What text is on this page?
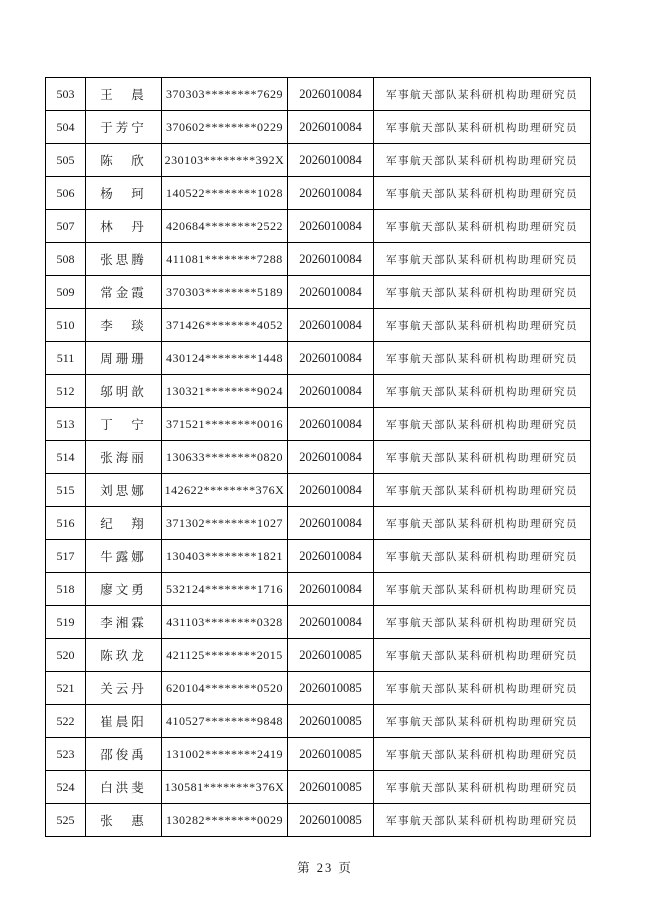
503	王　晨	370303********7629	2026010084	军事航天部队某科研机构助理研究员
504	于芳宁	370602********0229	2026010084	军事航天部队某科研机构助理研究员
505	陈　欣	230103********392X	2026010084	军事航天部队某科研机构助理研究员
506	杨　珂	140522********1028	2026010084	军事航天部队某科研机构助理研究员
507	林　丹	420684********2522	2026010084	军事航天部队某科研机构助理研究员
508	张思腾	411081********7288	2026010084	军事航天部队某科研机构助理研究员
509	常金霞	370303********5189	2026010084	军事航天部队某科研机构助理研究员
510	李　琰	371426********4052	2026010084	军事航天部队某科研机构助理研究员
511	周珊珊	430124********1448	2026010084	军事航天部队某科研机构助理研究员
512	邬明歆	130321********9024	2026010084	军事航天部队某科研机构助理研究员
513	丁　宁	371521********0016	2026010084	军事航天部队某科研机构助理研究员
514	张海丽	130633********0820	2026010084	军事航天部队某科研机构助理研究员
515	刘思娜	142622********376X	2026010084	军事航天部队某科研机构助理研究员
516	纪　翔	371302********1027	2026010084	军事航天部队某科研机构助理研究员
517	牛露娜	130403********1821	2026010084	军事航天部队某科研机构助理研究员
518	廖文勇	532124********1716	2026010084	军事航天部队某科研机构助理研究员
519	李湘霖	431103********0328	2026010084	军事航天部队某科研机构助理研究员
520	陈玖龙	421125********2015	2026010085	军事航天部队某科研机构助理研究员
521	关云丹	620104********0520	2026010085	军事航天部队某科研机构助理研究员
522	崔晨阳	410527********9848	2026010085	军事航天部队某科研机构助理研究员
523	邵俊禹	131002********2419	2026010085	军事航天部队某科研机构助理研究员
524	白洪斐	130581********376X	2026010085	军事航天部队某科研机构助理研究员
525	张　惠	130282********0029	2026010085	军事航天部队某科研机构助理研究员
第 23 页
